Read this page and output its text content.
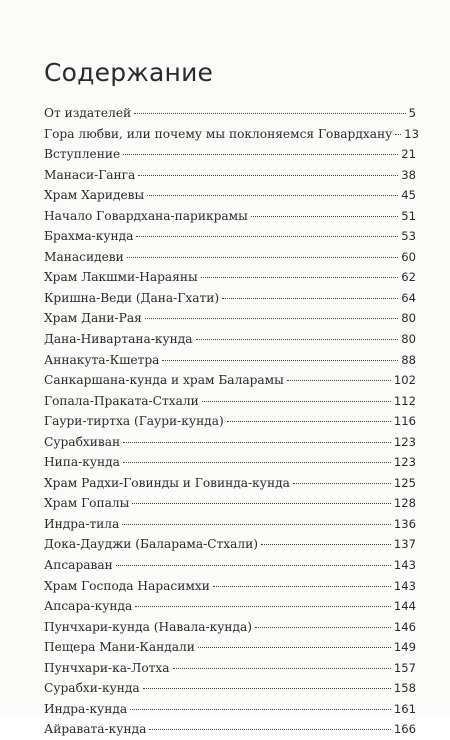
Содержание
От издателей	5
Гора любви, или почему мы поклоняемся Говардхану 13
Вступление	21
Манаси-Ганга	38
Храм Харидевы	45
Начало Говардхана-парикрамы	51
Брахма-кунда	53
Манасидеви	60
Храм Лакшми-Нараяны	62
Кришна-Веди (Дана-Гхати)	64
Храм Дани-Рая	80
Дана-Нивартана-кунда	80
Аннакута-Кшетра	88
Санкаршана-кунда и храм Баларамы	102
Гопала-Праката-Стхали	112
Гаури-тиртха (Гаури-кунда)	116
Сурабхиван	123
Нипа-кунда	123
Храм Радхи-Говинды и Говинда-кунда	125
Храм Гопалы	128
Индра-тила	136
Дока-Дауджи (Баларама-Стхали)	137
Апсараван	143
Храм Господа Нарасимхи	143
Апсара-кунда	144
Пунчхари-кунда (Навала-кунда)	146
Пещера Мани-Кандали	149
Пунчхари-ка-Лотха	157
Сурабхи-кунда	158
Индра-кунда	161
Айравата-кунда	166
